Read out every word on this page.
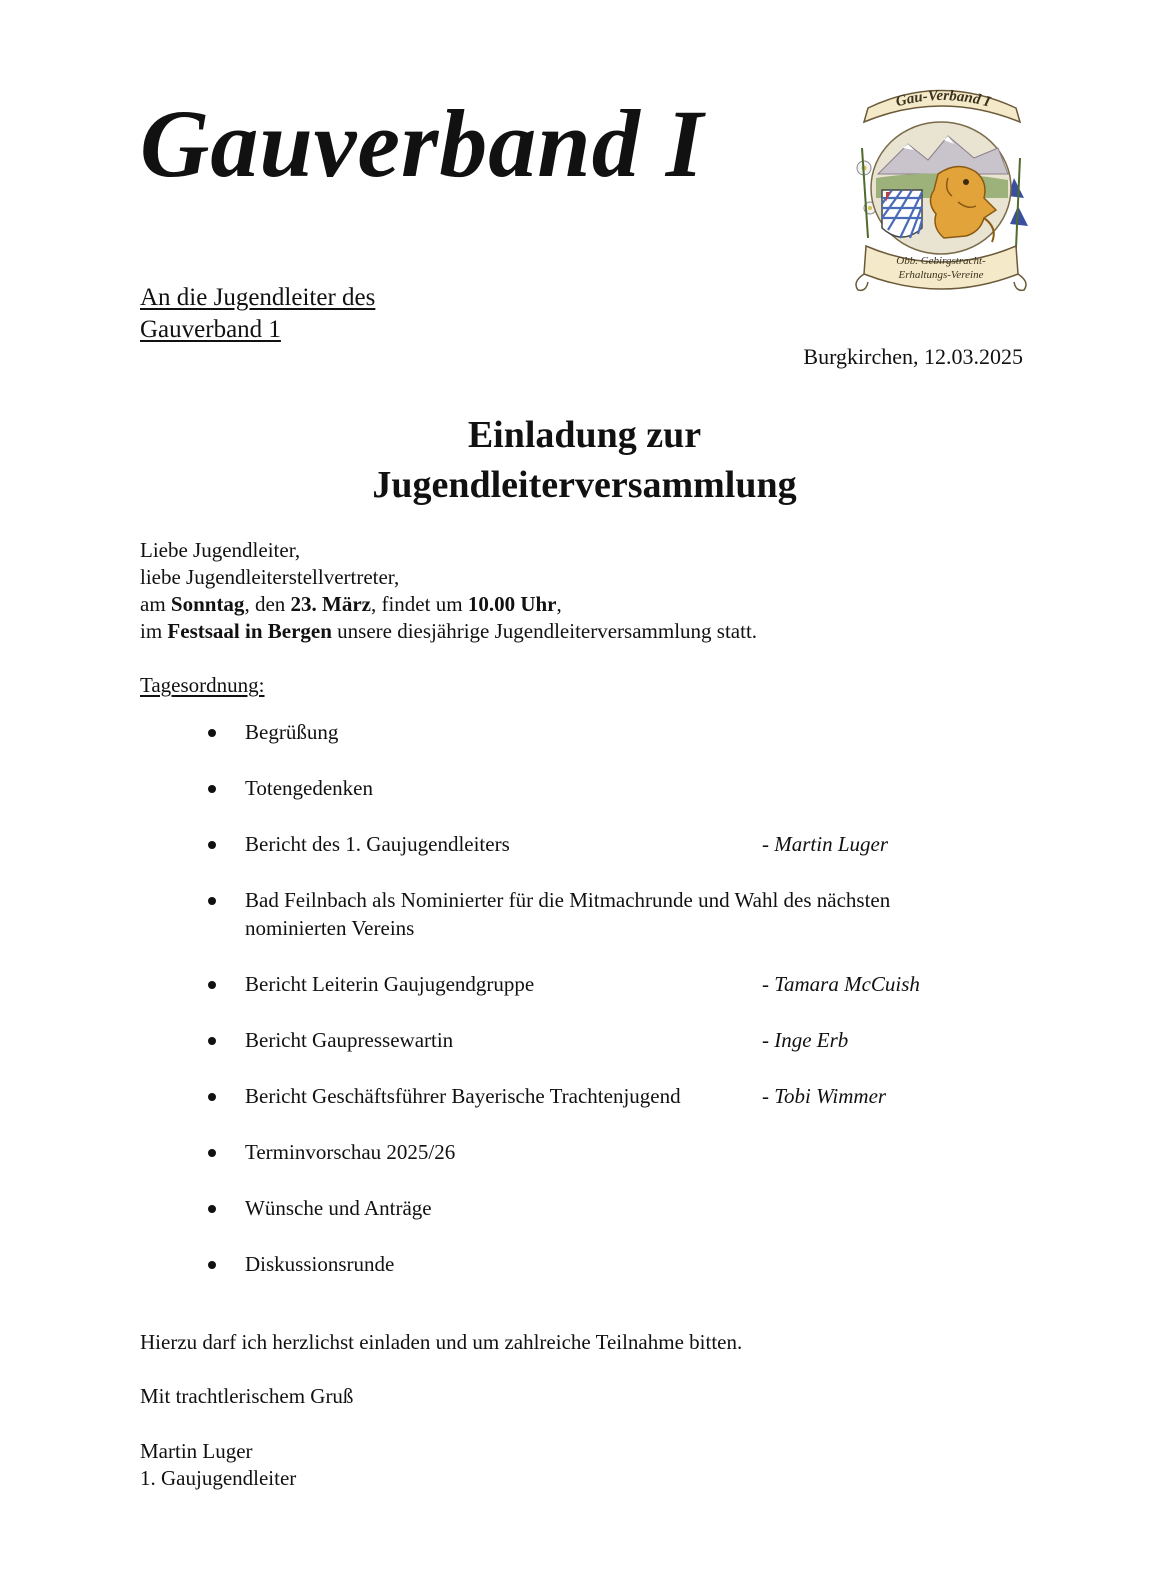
Gauverband I	Gau-Verband I
Obb. Gebirgstracht-
Erhaltungs-Vereine
An die Jugendleiter des
Gauverband 1
Burgkirchen, 12.03.2025
Einladung zur
Jugendleiterversammlung
Liebe Jugendleiter,
liebe Jugendleiterstellvertreter,
am Sonntag, den 23. März, findet um 10.00 Uhr,
im Festsaal in Bergen unsere diesjährige Jugendleiterversammlung statt.
Tagesordnung:
Begrüßung
Totengedenken
Bericht des 1. Gaujugendleiters	- Martin Luger
Bad Feilnbach als Nominierter für die Mitmachrunde und Wahl des nächsten nominierten Vereins
Bericht Leiterin Gaujugendgruppe	- Tamara McCuish
Bericht Gaupressewartin	- Inge Erb
Bericht Geschäftsführer Bayerische Trachtenjugend	- Tobi Wimmer
Terminvorschau 2025/26
Wünsche und Anträge
Diskussionsrunde
Hierzu darf ich herzlichst einladen und um zahlreiche Teilnahme bitten.
Mit trachtlerischem Gruß
Martin Luger
1. Gaujugendleiter
